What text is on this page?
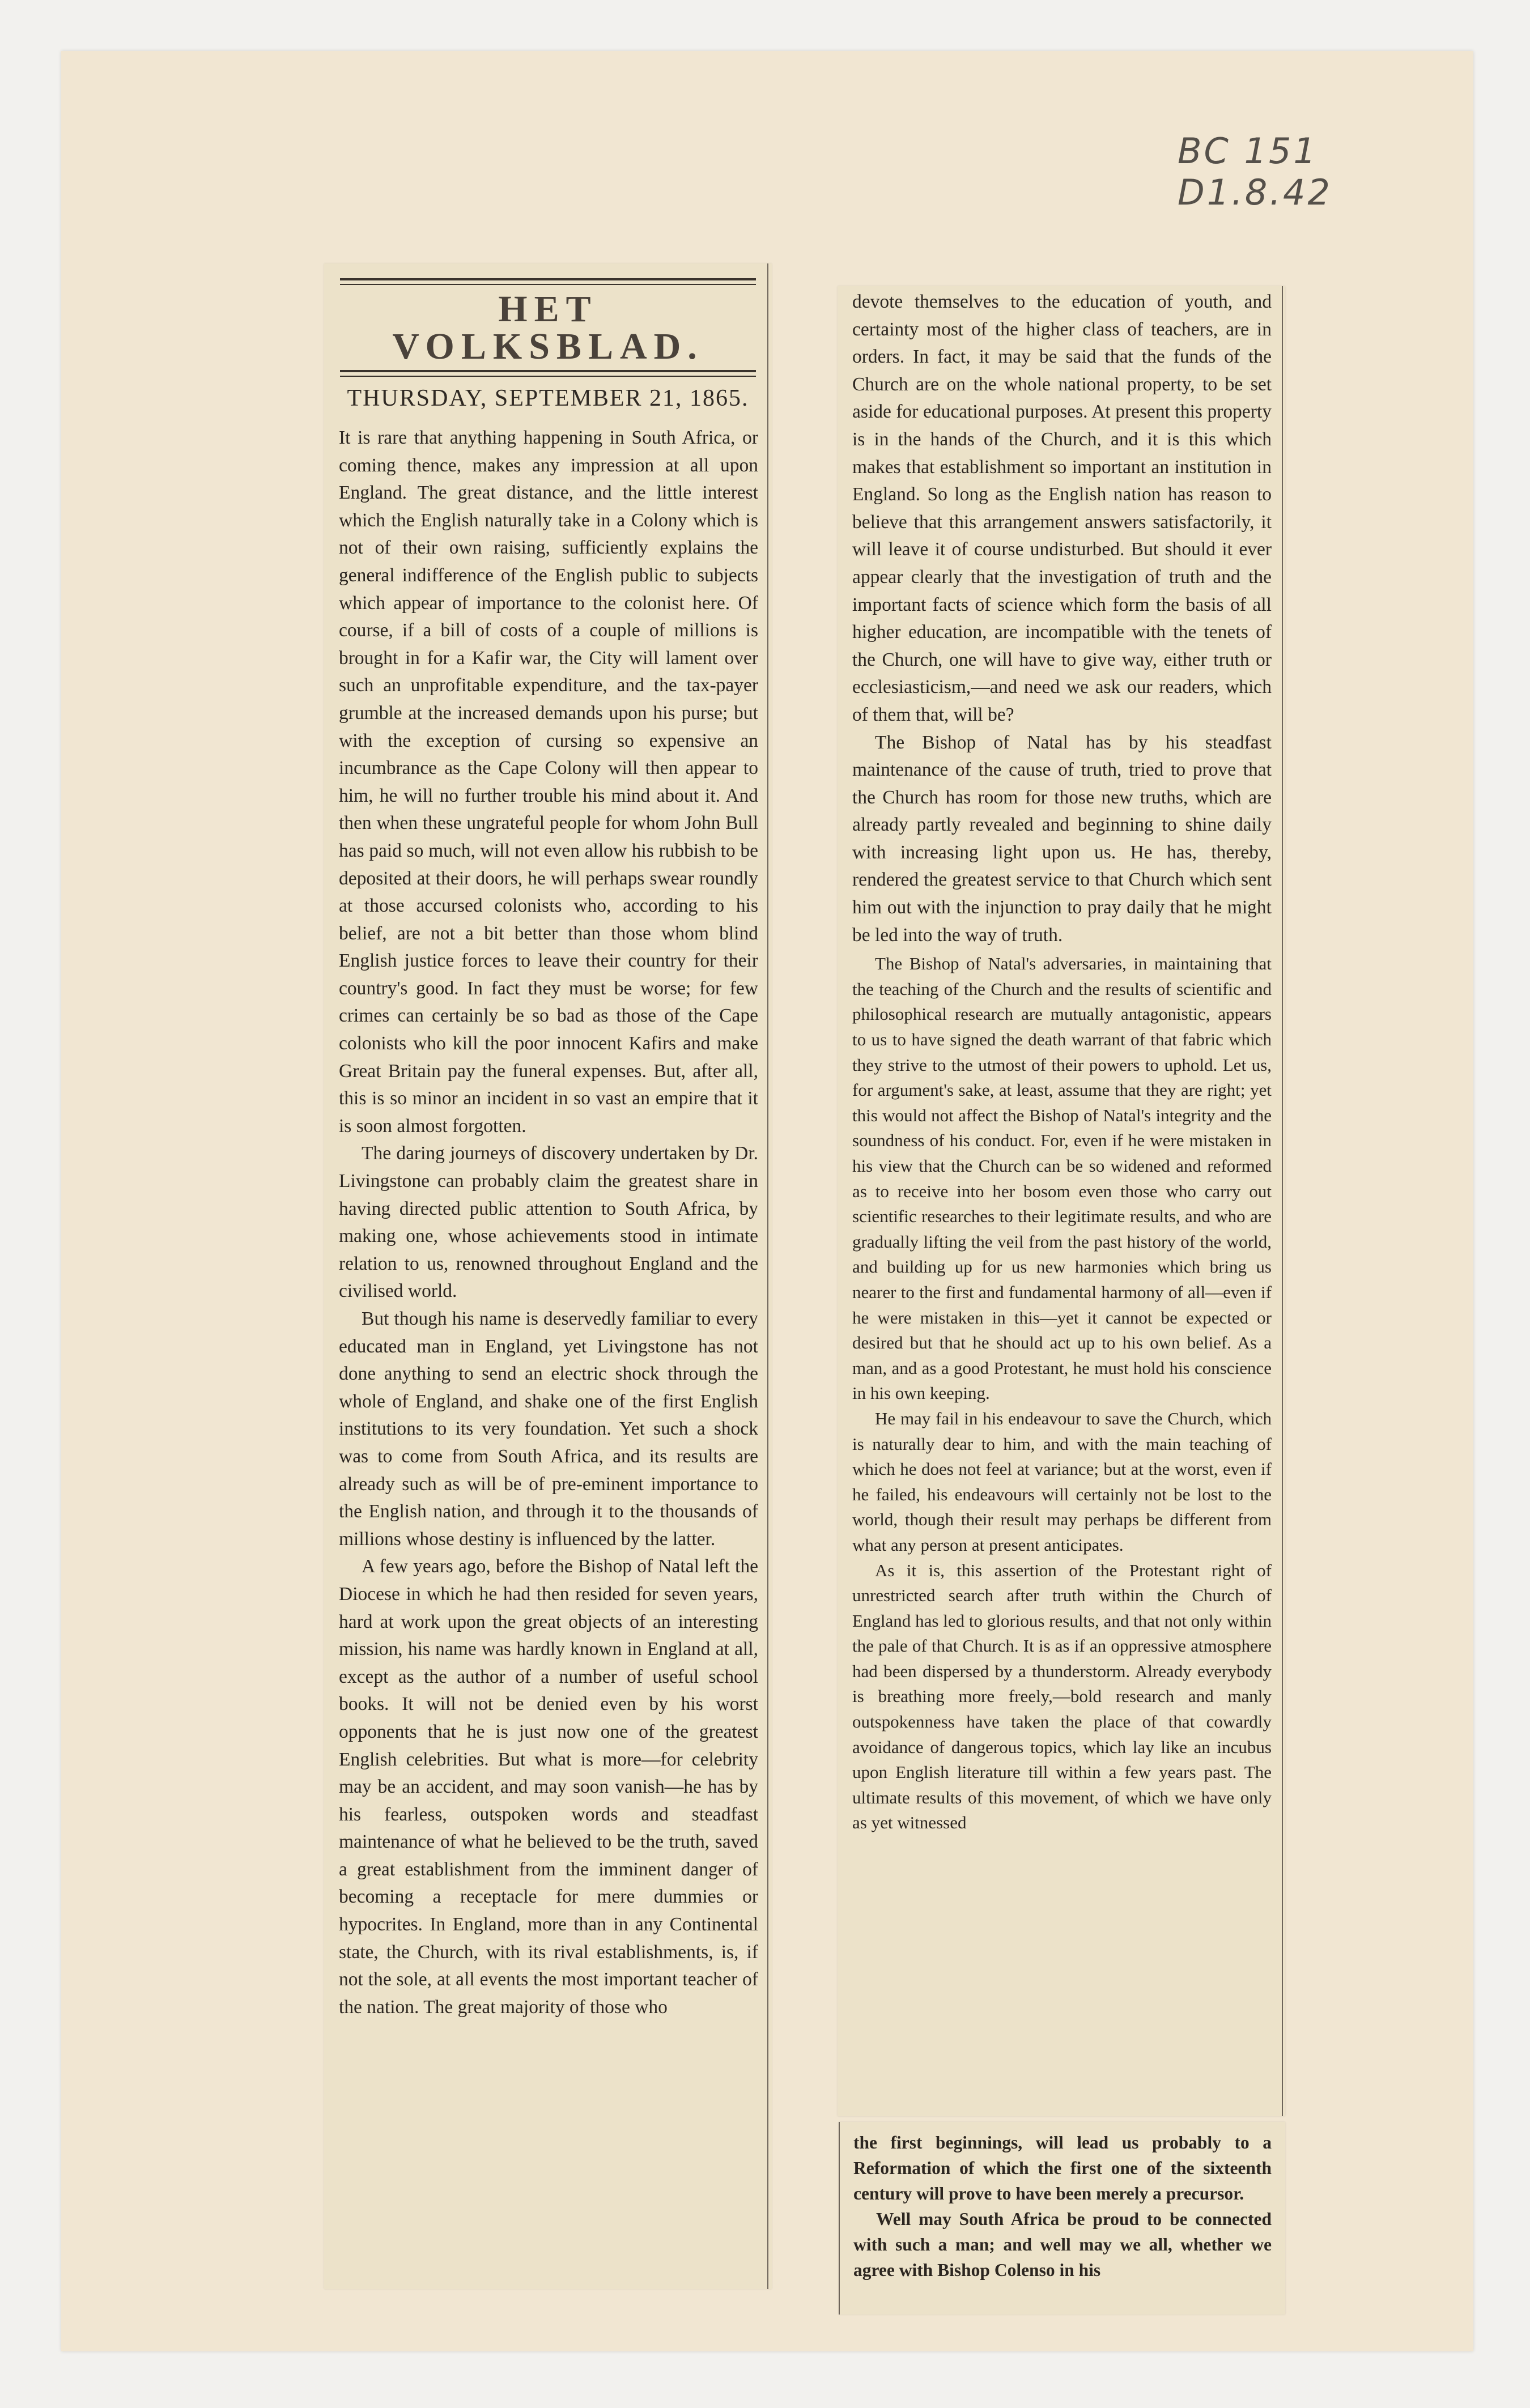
BC 151 D1.8.42
HET VOLKSBLAD.
THURSDAY, SEPTEMBER 21, 1865.

It is rare that anything happening in South Africa, or coming thence, makes any impression at all upon England. The great distance, and the little interest which the English naturally take in a Colony which is not of their own raising, sufficiently explains the general indifference of the English public to subjects which appear of importance to the colonist here. Of course, if a bill of costs of a couple of millions is brought in for a Kafir war, the City will lament over such an unprofitable expenditure, and the tax-payer grumble at the increased demands upon his purse; but with the exception of cursing so expensive an incumbrance as the Cape Colony will then appear to him, he will no further trouble his mind about it. And then when these ungrateful people for whom John Bull has paid so much, will not even allow his rubbish to be deposited at their doors, he will perhaps swear roundly at those accursed colonists who, according to his belief, are not a bit better than those whom blind English justice forces to leave their country for their country's good. In fact they must be worse; for few crimes can certainly be so bad as those of the Cape colonists who kill the poor innocent Kafirs and make Great Britain pay the funeral expenses. But, after all, this is so minor an incident in so vast an empire that it is soon almost forgotten.

The daring journeys of discovery undertaken by Dr. Livingstone can probably claim the greatest share in having directed public attention to South Africa, by making one, whose achievements stood in intimate relation to us, renowned throughout England and the civilised world.

But though his name is deservedly familiar to every educated man in England, yet Livingstone has not done anything to send an electric shock through the whole of England, and shake one of the first English institutions to its very foundation. Yet such a shock was to come from South Africa, and its results are already such as will be of pre-eminent importance to the English nation, and through it to the thousands of millions whose destiny is influenced by the latter.

A few years ago, before the Bishop of Natal left the Diocese in which he had then resided for seven years, hard at work upon the great objects of an interesting mission, his name was hardly known in England at all, except as the author of a number of useful school books. It will not be denied even by his worst opponents that he is just now one of the greatest English celebrities. But what is more—for celebrity may be an accident, and may soon vanish—he has by his fearless, outspoken words and steadfast maintenance of what he believed to be the truth, saved a great establishment from the imminent danger of becoming a receptacle for mere dummies or hypocrites. In England, more than in any Continental state, the Church, with its rival establishments, is, if not the sole, at all events the most important teacher of the nation. The great majority of those who

devote themselves to the education of youth, and certainty most of the higher class of teachers, are in orders. In fact, it may be said that the funds of the Church are on the whole national property, to be set aside for educational purposes. At present this property is in the hands of the Church, and it is this which makes that establishment so important an institution in England. So long as the English nation has reason to believe that this arrangement answers satisfactorily, it will leave it of course undisturbed. But should it ever appear clearly that the investigation of truth and the important facts of science which form the basis of all higher education, are incompatible with the tenets of the Church, one will have to give way, either truth or ecclesiasticism,—and need we ask our readers, which of them that, will be?

The Bishop of Natal has by his steadfast maintenance of the cause of truth, tried to prove that the Church has room for those new truths, which are already partly revealed and beginning to shine daily with increasing light upon us. He has, thereby, rendered the greatest service to that Church which sent him out with the injunction to pray daily that he might be led into the way of truth.

The Bishop of Natal's adversaries, in maintaining that the teaching of the Church and the results of scientific and philosophical research are mutually antagonistic, appears to us to have signed the death warrant of that fabric which they strive to the utmost of their powers to uphold. Let us, for argument's sake, at least, assume that they are right; yet this would not affect the Bishop of Natal's integrity and the soundness of his conduct. For, even if he were mistaken in his view that the Church can be so widened and reformed as to receive into her bosom even those who carry out scientific researches to their legitimate results, and who are gradually lifting the veil from the past history of the world, and building up for us new harmonies which bring us nearer to the first and fundamental harmony of all—even if he were mistaken in this—yet it cannot be expected or desired but that he should act up to his own belief. As a man, and as a good Protestant, he must hold his conscience in his own keeping.

He may fail in his endeavour to save the Church, which is naturally dear to him, and with the main teaching of which he does not feel at variance; but at the worst, even if he failed, his endeavours will certainly not be lost to the world, though their result may perhaps be different from what any person at present anticipates.

As it is, this assertion of the Protestant right of unrestricted search after truth within the Church of England has led to glorious results, and that not only within the pale of that Church. It is as if an oppressive atmosphere had been dispersed by a thunderstorm. Already everybody is breathing more freely,—bold research and manly outspokenness have taken the place of that cowardly avoidance of dangerous topics, which lay like an incubus upon English literature till within a few years past. The ultimate results of this movement, of which we have only as yet witnessed

the first beginnings, will lead us probably to a Reformation of which the first one of the sixteenth century will prove to have been merely a precursor.

Well may South Africa be proud to be connected with such a man; and well may we all, whether we agree with Bishop Colenso in his
